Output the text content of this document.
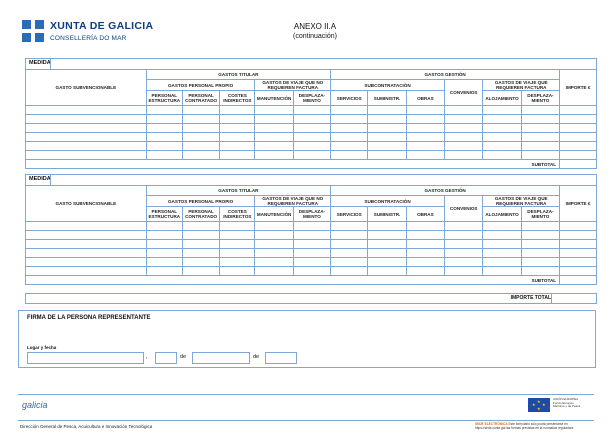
XUNTA DE GALICIA
CONSELLERÍA DO MAR
ANEXO II.A
(continuación)
MEDIDA
GASTO SUBVENCIONABLE	GASTOS TITULAR					GASTOS GESTIÓN						IMPORTE €
	GASTOS PERSONAL PROPIO			GASTOS DE VIAJE QUE NO REQUIEREN FACTURA		SUBCONTRATACIÓN			CONVENIOS	GASTOS DE VIAJE QUE REQUIEREN FACTURA		
	PERSONAL ESTRUCTURA	PERSONAL CONTRATADO	COSTES INDIRECTOS	MANUTENCIÓN	DESPLAZA-MIENTO	SERVICIOS	SUMINISTR.	OBRAS		ALOJAMIENTO	DESPLAZA-MIENTO	

SUBTOTAL												
MEDIDA
GASTO SUBVENCIONABLE	GASTOS TITULAR					GASTOS GESTIÓN						IMPORTE €
	GASTOS PERSONAL PROPIO			GASTOS DE VIAJE QUE NO REQUIEREN FACTURA		SUBCONTRATACIÓN			CONVENIOS	GASTOS DE VIAJE QUE REQUIEREN FACTURA		
	PERSONAL ESTRUCTURA	PERSONAL CONTRATADO	COSTES INDIRECTOS	MANUTENCIÓN	DESPLAZA-MIENTO	SERVICIOS	SUMINISTR.	OBRAS		ALOJAMIENTO	DESPLAZA-MIENTO	

SUBTOTAL												
IMPORTE TOTAL
FIRMA DE LA PERSONA REPRESENTANTE
Lugar y fecha
,	de	de
galicia	★
★ ★
★
UNIÓN EUROPEA
Fondo Europeo
Marítimo y de Pesca
Dirección General de Pesca, Acuicultura e Innovación Tecnológica	SEDE ELECTRÓNICA Este formulario sólo podrá presentarse en
https://sede.xunta.gal las formas previstas en la normativa reguladora
